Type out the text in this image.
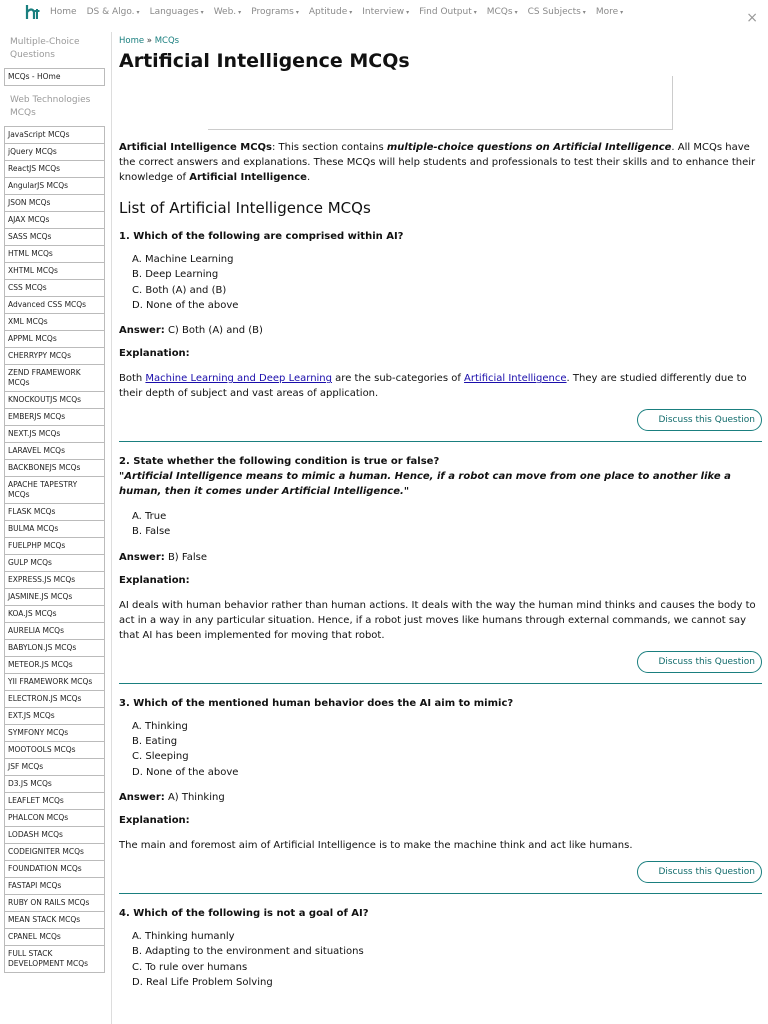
Home DS & Algo. ▾ Languages ▾ Web. ▾ Programs ▾ Aptitude ▾ Interview ▾ Find Output ▾ MCQs ▾ CS Subjects ▾ More ▾	×
Multiple-Choice Questions
MCQs - HOme
Web Technologies MCQs
JavaScript MCQs
jQuery MCQs
ReactJS MCQs
AngularJS MCQs
JSON MCQs
AJAX MCQs
SASS MCQs
HTML MCQs
XHTML MCQs
CSS MCQs
Advanced CSS MCQs
XML MCQs
APPML MCQs
CHERRYPY MCQs
ZEND FRAMEWORK MCQs
KNOCKOUTJS MCQs
EMBERJS MCQs
NEXT.JS MCQs
LARAVEL MCQs
BACKBONEJS MCQs
APACHE TAPESTRY MCQs
FLASK MCQs
BULMA MCQs
FUELPHP MCQs
GULP MCQs
EXPRESS.JS MCQs
JASMINE.JS MCQs
KOA.JS MCQs
AURELIA MCQs
BABYLON.JS MCQs
METEOR.JS MCQs
YII FRAMEWORK MCQs
ELECTRON.JS MCQs
EXT.JS MCQs
SYMFONY MCQs
MOOTOOLS MCQs
JSF MCQs
D3.JS MCQs
LEAFLET MCQs
PHALCON MCQs
LODASH MCQs
CODEIGNITER MCQs
FOUNDATION MCQs
FASTAPI MCQs
RUBY ON RAILS MCQs
MEAN STACK MCQs
CPANEL MCQs
FULL STACK DEVELOPMENT MCQs
Home » MCQs
Artificial Intelligence MCQs

Artificial Intelligence MCQs: This section contains multiple-choice questions on Artificial Intelligence. All MCQs have the correct answers and explanations. These MCQs will help students and professionals to test their skills and to enhance their knowledge of Artificial Intelligence.

List of Artificial Intelligence MCQs
1. Which of the following are comprised within AI?
A. Machine Learning
B. Deep Learning
C. Both (A) and (B)
D. None of the above
Answer: C) Both (A) and (B)
Explanation:
Both Machine Learning and Deep Learning are the sub-categories of Artificial Intelligence. They are studied differently due to their depth of subject and vast areas of application.
Discuss this Question
2. State whether the following condition is true or false?
"Artificial Intelligence means to mimic a human. Hence, if a robot can move from one place to another like a human, then it comes under Artificial Intelligence."
A. True
B. False
Answer: B) False
Explanation:
AI deals with human behavior rather than human actions. It deals with the way the human mind thinks and causes the body to act in a way in any particular situation. Hence, if a robot just moves like humans through external commands, we cannot say that AI has been implemented for moving that robot.
Discuss this Question
3. Which of the mentioned human behavior does the AI aim to mimic?
A. Thinking
B. Eating
C. Sleeping
D. None of the above
Answer: A) Thinking
Explanation:
The main and foremost aim of Artificial Intelligence is to make the machine think and act like humans.
Discuss this Question
4. Which of the following is not a goal of AI?
A. Thinking humanly
B. Adapting to the environment and situations
C. To rule over humans
D. Real Life Problem Solving
